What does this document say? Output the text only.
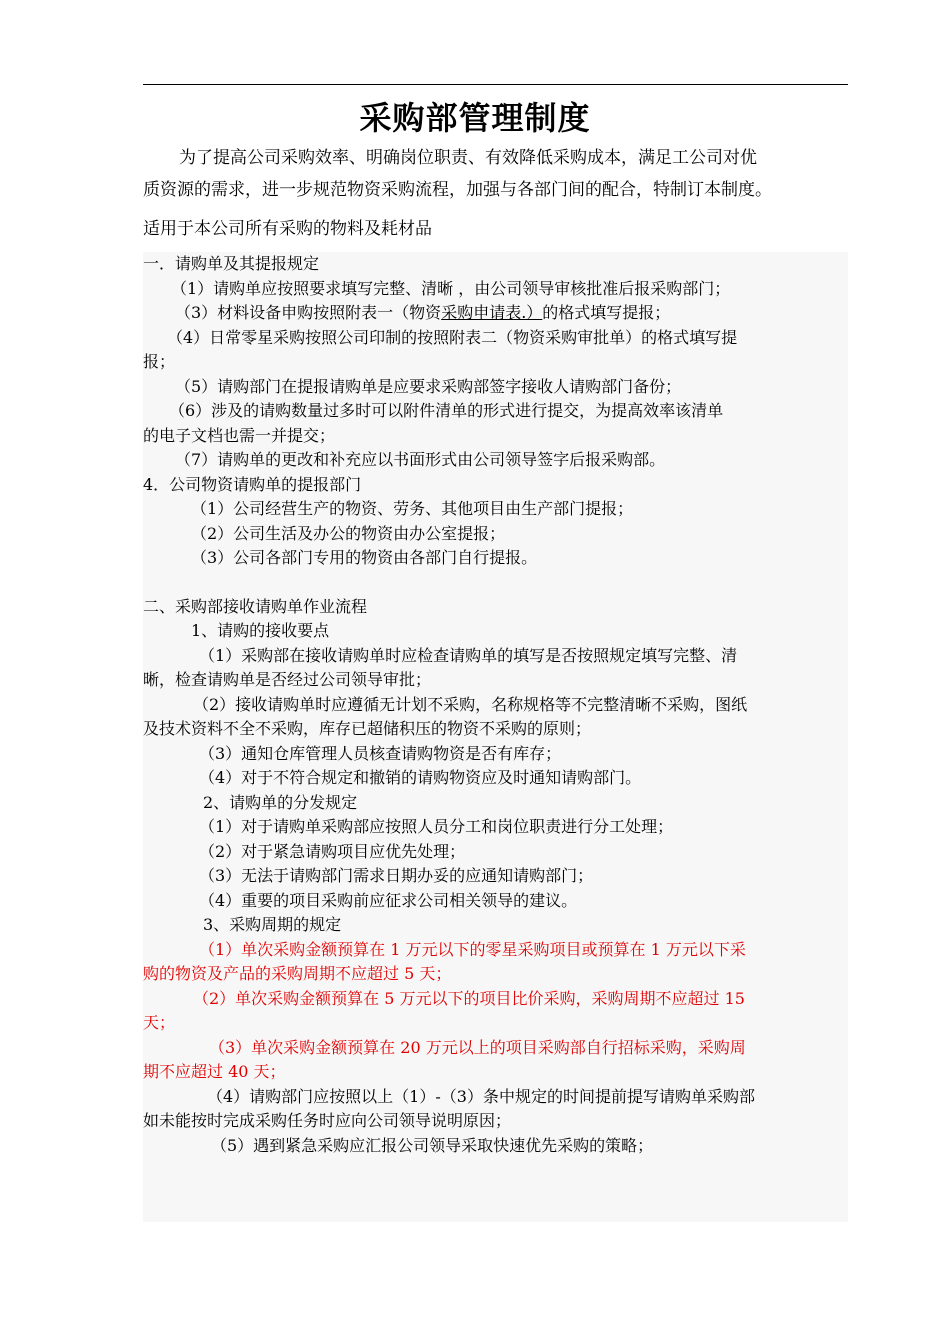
采购部管理制度
为了提高公司采购效率、明确岗位职责、有效降低采购成本，满足工公司对优
质资源的需求，进一步规范物资采购流程，加强与各部门间的配合，特制订本制度。
适用于本公司所有采购的物料及耗材品
一．请购单及其提报规定
（1）请购单应按照要求填写完整、清晰 ，由公司领导审核批准后报采购部门；
（3）材料设备申购按照附表一（物资采购申请表.）的格式填写提报；
（4）日常零星采购按照公司印制的按照附表二（物资采购审批单）的格式填写提
报；
（5）请购部门在提报请购单是应要求采购部签字接收人请购部门备份；
（6）涉及的请购数量过多时可以附件清单的形式进行提交，为提高效率该清单
的电子文档也需一并提交；
（7）请购单的更改和补充应以书面形式由公司领导签字后报采购部。
4．公司物资请购单的提报部门
（1）公司经营生产的物资、劳务、其他项目由生产部门提报；
（2）公司生活及办公的物资由办公室提报；
（3）公司各部门专用的物资由各部门自行提报。
二、采购部接收请购单作业流程
1、请购的接收要点
（1）采购部在接收请购单时应检查请购单的填写是否按照规定填写完整、清
晰，检查请购单是否经过公司领导审批；
（2）接收请购单时应遵循无计划不采购，名称规格等不完整清晰不采购，图纸
及技术资料不全不采购，库存已超储积压的物资不采购的原则；
（3）通知仓库管理人员核查请购物资是否有库存；
（4）对于不符合规定和撤销的请购物资应及时通知请购部门。
2、请购单的分发规定
（1）对于请购单采购部应按照人员分工和岗位职责进行分工处理；
（2）对于紧急请购项目应优先处理；
（3）无法于请购部门需求日期办妥的应通知请购部门；
（4）重要的项目采购前应征求公司相关领导的建议。
3、采购周期的规定
（1）单次采购金额预算在 1 万元以下的零星采购项目或预算在 1 万元以下采
购的物资及产品的采购周期不应超过 5 天；
（2）单次采购金额预算在 5 万元以下的项目比价采购，采购周期不应超过 15
天；
（3）单次采购金额预算在 20 万元以上的项目采购部自行招标采购，采购周
期不应超过 40 天；
（4）请购部门应按照以上（1）-（3）条中规定的时间提前提写请购单采购部
如未能按时完成采购任务时应向公司领导说明原因；
（5）遇到紧急采购应汇报公司领导采取快速优先采购的策略；
